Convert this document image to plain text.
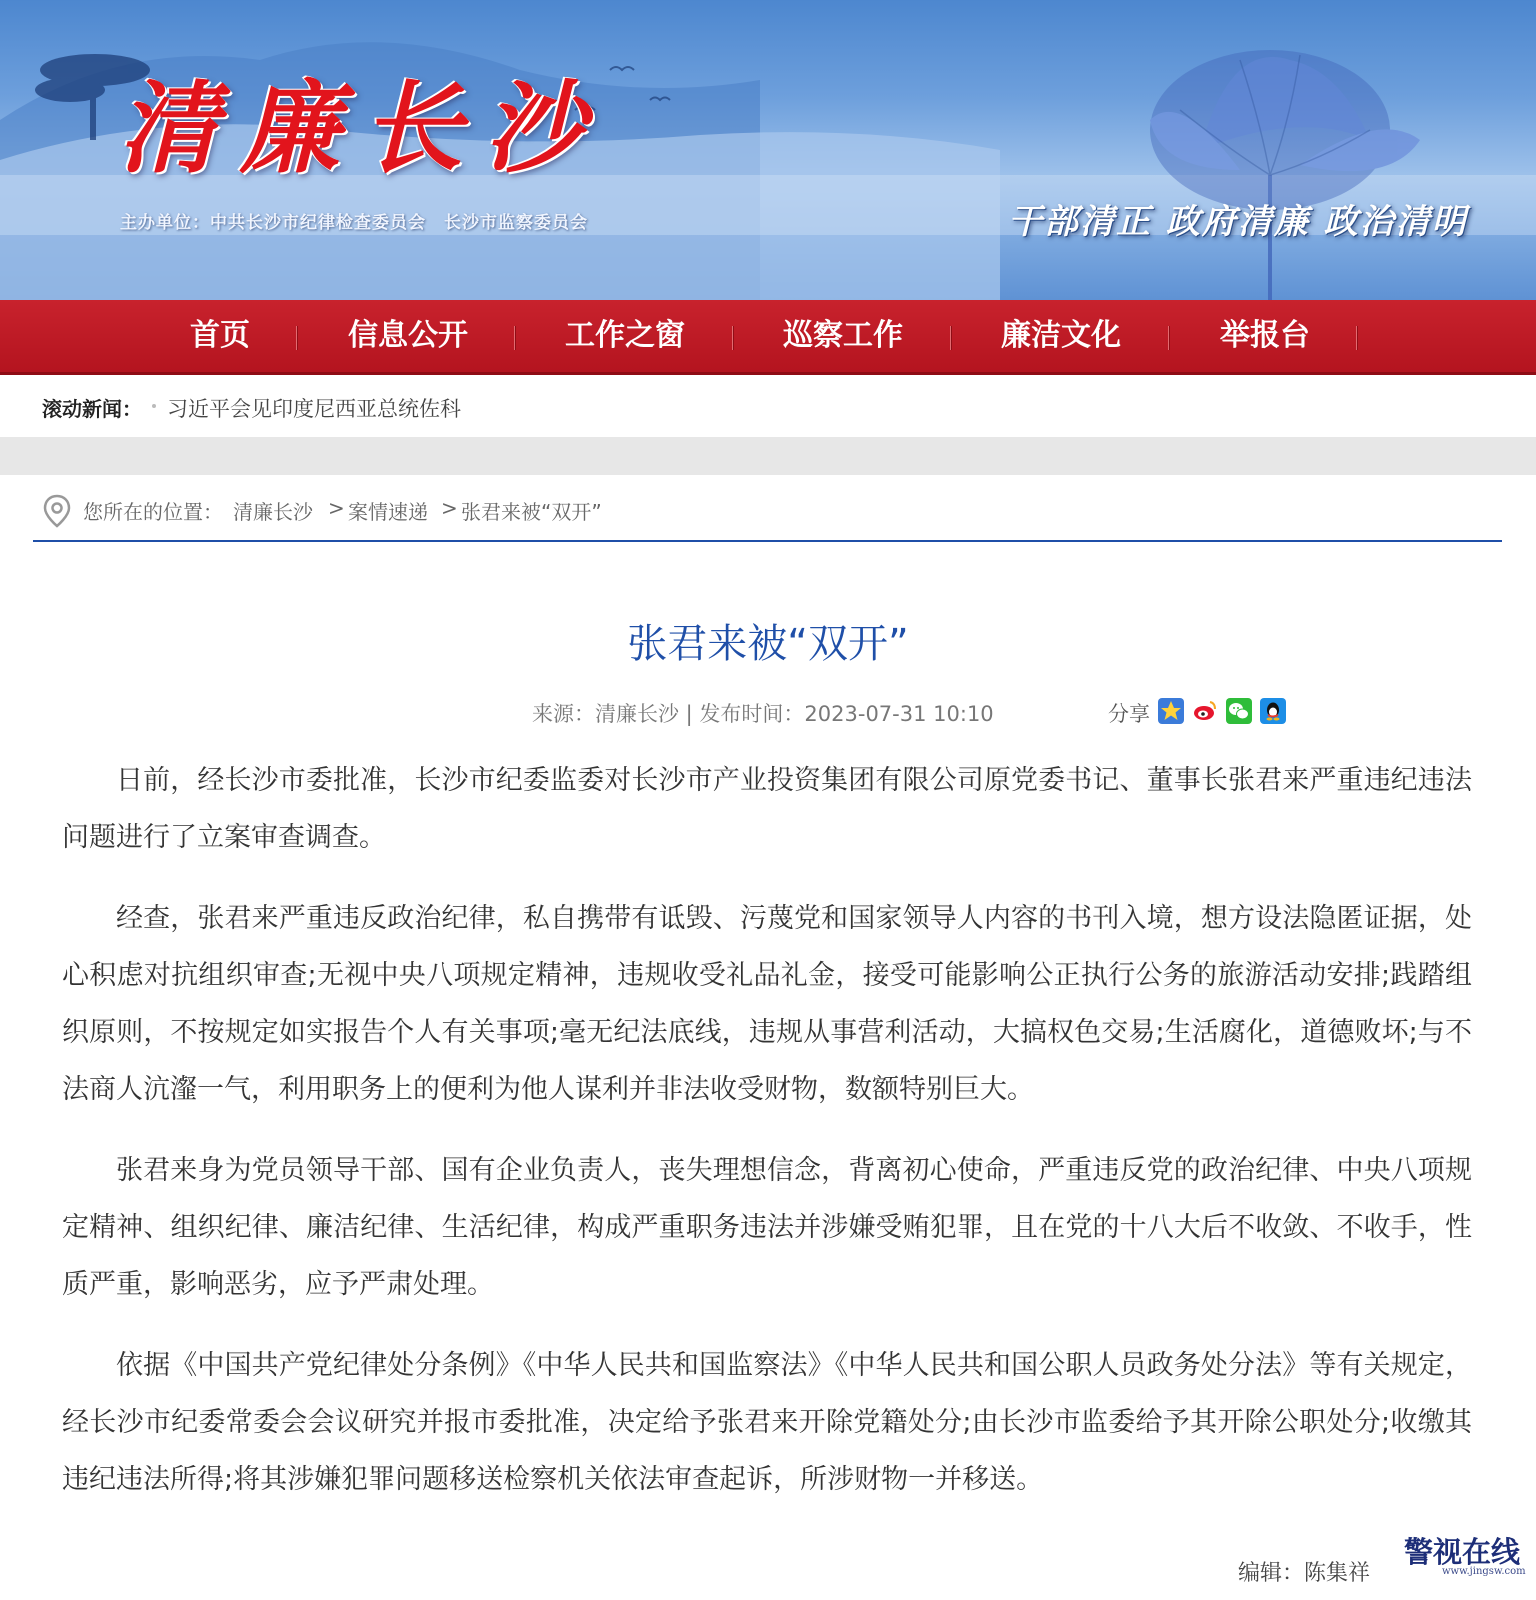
清廉长沙
主办单位：中共长沙市纪律检查委员会　长沙市监察委员会	干部清正 政府清廉 政治清明
首页	信息公开	工作之窗	巡察工作	廉洁文化	举报台
滚动新闻： 习近平会见印度尼西亚总统佐科
您所在的位置： 清廉长沙 > 案情速递 > 张君来被“双开”
张君来被“双开”
来源：清廉长沙 | 发布时间：2023-07-31 10:10	分享

日前，经长沙市委批准，长沙市纪委监委对长沙市产业投资集团有限公司原党委书记、董事长张君来严重违纪违法问题进行了立案审查调查。

经查，张君来严重违反政治纪律，私自携带有诋毁、污蔑党和国家领导人内容的书刊入境，想方设法隐匿证据，处心积虑对抗组织审查;无视中央八项规定精神，违规收受礼品礼金，接受可能影响公正执行公务的旅游活动安排;践踏组织原则，不按规定如实报告个人有关事项;毫无纪法底线，违规从事营利活动，大搞权色交易;生活腐化，道德败坏;与不法商人沆瀣一气，利用职务上的便利为他人谋利并非法收受财物，数额特别巨大。

张君来身为党员领导干部、国有企业负责人，丧失理想信念，背离初心使命，严重违反党的政治纪律、中央八项规定精神、组织纪律、廉洁纪律、生活纪律，构成严重职务违法并涉嫌受贿犯罪，且在党的十八大后不收敛、不收手，性质严重，影响恶劣，应予严肃处理。

依据《中国共产党纪律处分条例》《中华人民共和国监察法》《中华人民共和国公职人员政务处分法》等有关规定，经长沙市纪委常委会会议研究并报市委批准，决定给予张君来开除党籍处分;由长沙市监委给予其开除公职处分;收缴其违纪违法所得;将其涉嫌犯罪问题移送检察机关依法审查起诉，所涉财物一并移送。

编辑：陈集祥
警视在线
www.jingsw.com
